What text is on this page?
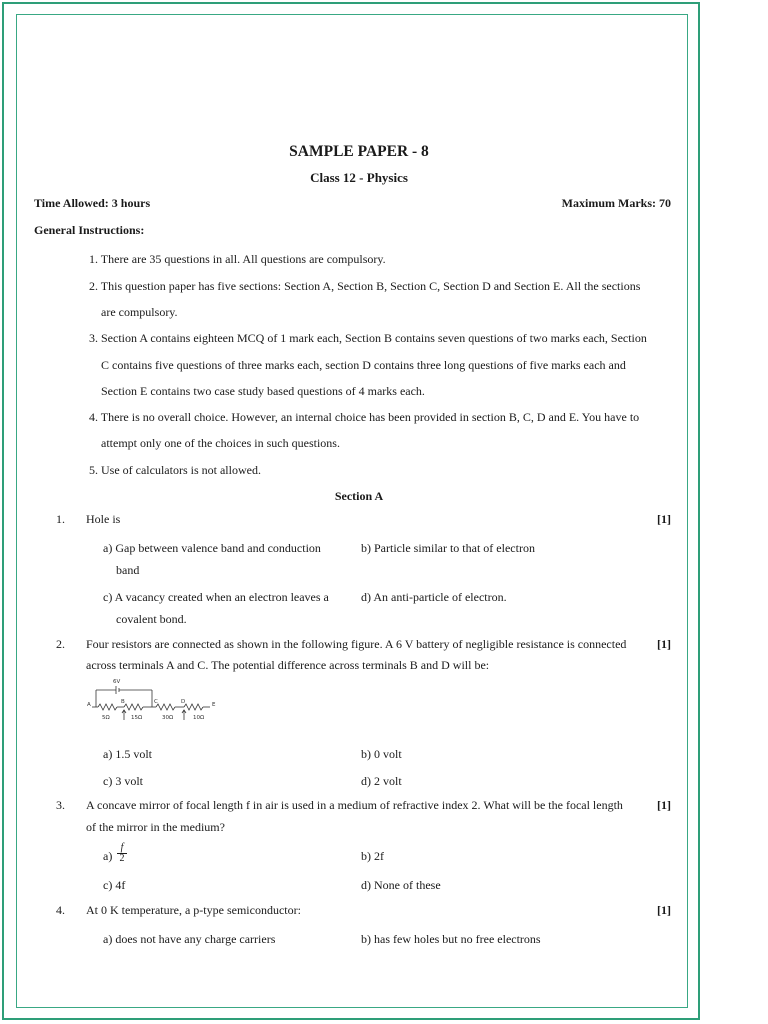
SAMPLE PAPER - 8
Class 12 - Physics
Time Allowed: 3 hours	Maximum Marks: 70
General Instructions:
1. There are 35 questions in all. All questions are compulsory.
2. This question paper has five sections: Section A, Section B, Section C, Section D and Section E. All the sections
are compulsory.
3. Section A contains eighteen MCQ of 1 mark each, Section B contains seven questions of two marks each, Section
C contains five questions of three marks each, section D contains three long questions of five marks each and
Section E contains two case study based questions of 4 marks each.
4. There is no overall choice. However, an internal choice has been provided in section B, C, D and E. You have to
attempt only one of the choices in such questions.
5. Use of calculators is not allowed.
Section A
1. Hole is	[1]
a) Gap between valence band and conduction
band
b) Particle similar to that of electron
c) A vacancy created when an electron leaves a
covalent bond.
d) An anti-particle of electron.
2. Four resistors are connected as shown in the following figure. A 6 V battery of negligible resistance is connected
across terminals A and C. The potential difference across terminals B and D will be:
[1]
6V
A	B	C	D	E
5Ω	15Ω	30Ω	10Ω
a) 1.5 volt	b) 0 volt
c) 3 volt	d) 2 volt
3. A concave mirror of focal length f in air is used in a medium of refractive index 2. What will be the focal length
of the mirror in the medium?
[1]
$a) \frac{f}{2}$	b) 2f
c) 4f	d) None of these
4. At 0 K temperature, a p-type semiconductor:	[1]
a) does not have any charge carriers	b) has few holes but no free electrons
